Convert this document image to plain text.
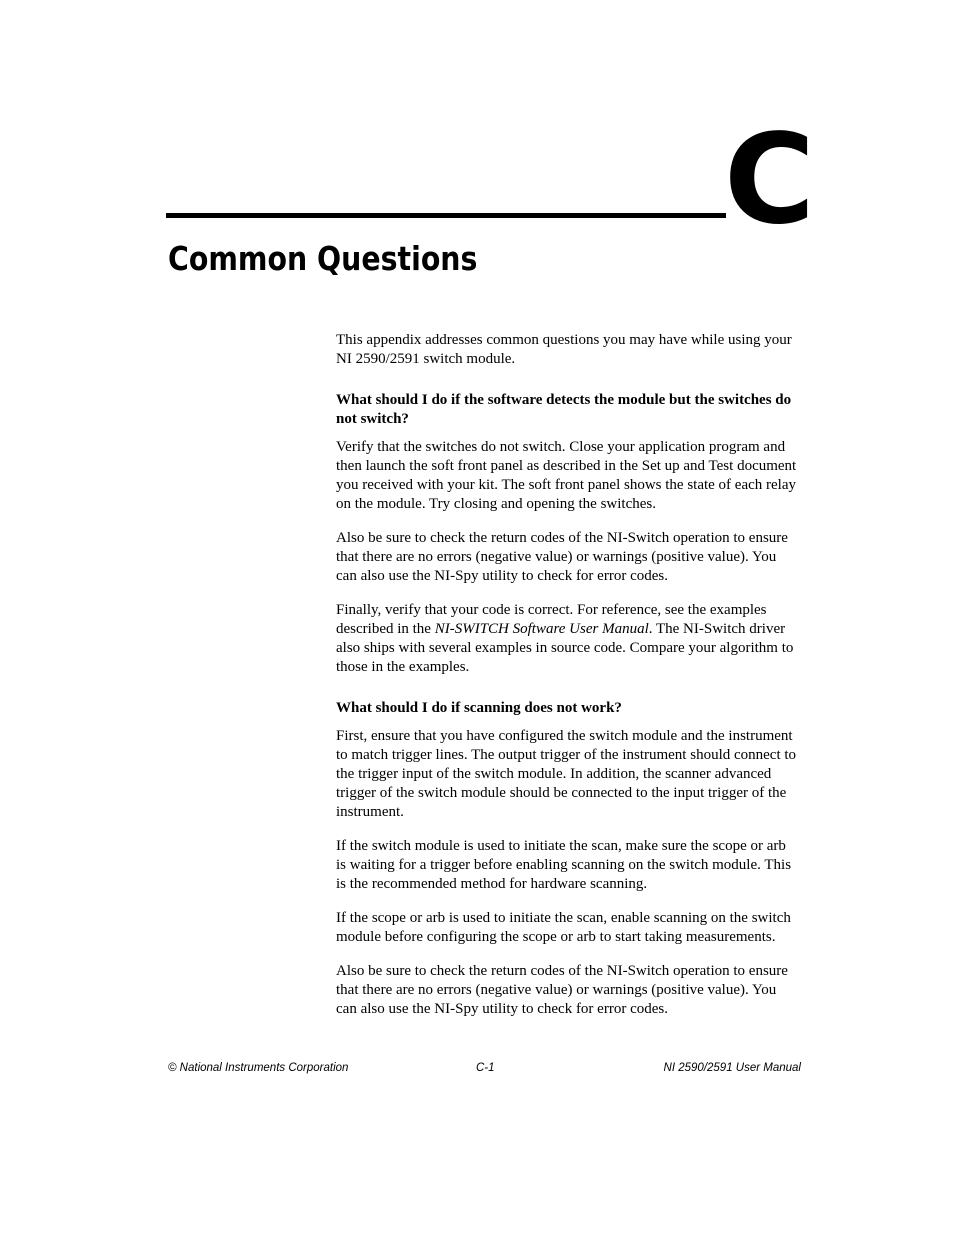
C
Common Questions

This appendix addresses common questions you may have while using your NI 2590/2591 switch module.

What should I do if the software detects the module but the switches do not switch?

Verify that the switches do not switch. Close your application program and then launch the soft front panel as described in the Set up and Test document you received with your kit. The soft front panel shows the state of each relay on the module. Try closing and opening the switches.

Also be sure to check the return codes of the NI-Switch operation to ensure that there are no errors (negative value) or warnings (positive value). You can also use the NI-Spy utility to check for error codes.

Finally, verify that your code is correct. For reference, see the examples described in the NI-SWITCH Software User Manual. The NI-Switch driver also ships with several examples in source code. Compare your algorithm to those in the examples.

What should I do if scanning does not work?

First, ensure that you have configured the switch module and the instrument to match trigger lines. The output trigger of the instrument should connect to the trigger input of the switch module. In addition, the scanner advanced trigger of the switch module should be connected to the input trigger of the instrument.

If the switch module is used to initiate the scan, make sure the scope or arb is waiting for a trigger before enabling scanning on the switch module. This is the recommended method for hardware scanning.

If the scope or arb is used to initiate the scan, enable scanning on the switch module before configuring the scope or arb to start taking measurements.

Also be sure to check the return codes of the NI-Switch operation to ensure that there are no errors (negative value) or warnings (positive value). You can also use the NI-Spy utility to check for error codes.

© National Instruments Corporation	C-1	NI 2590/2591 User Manual
